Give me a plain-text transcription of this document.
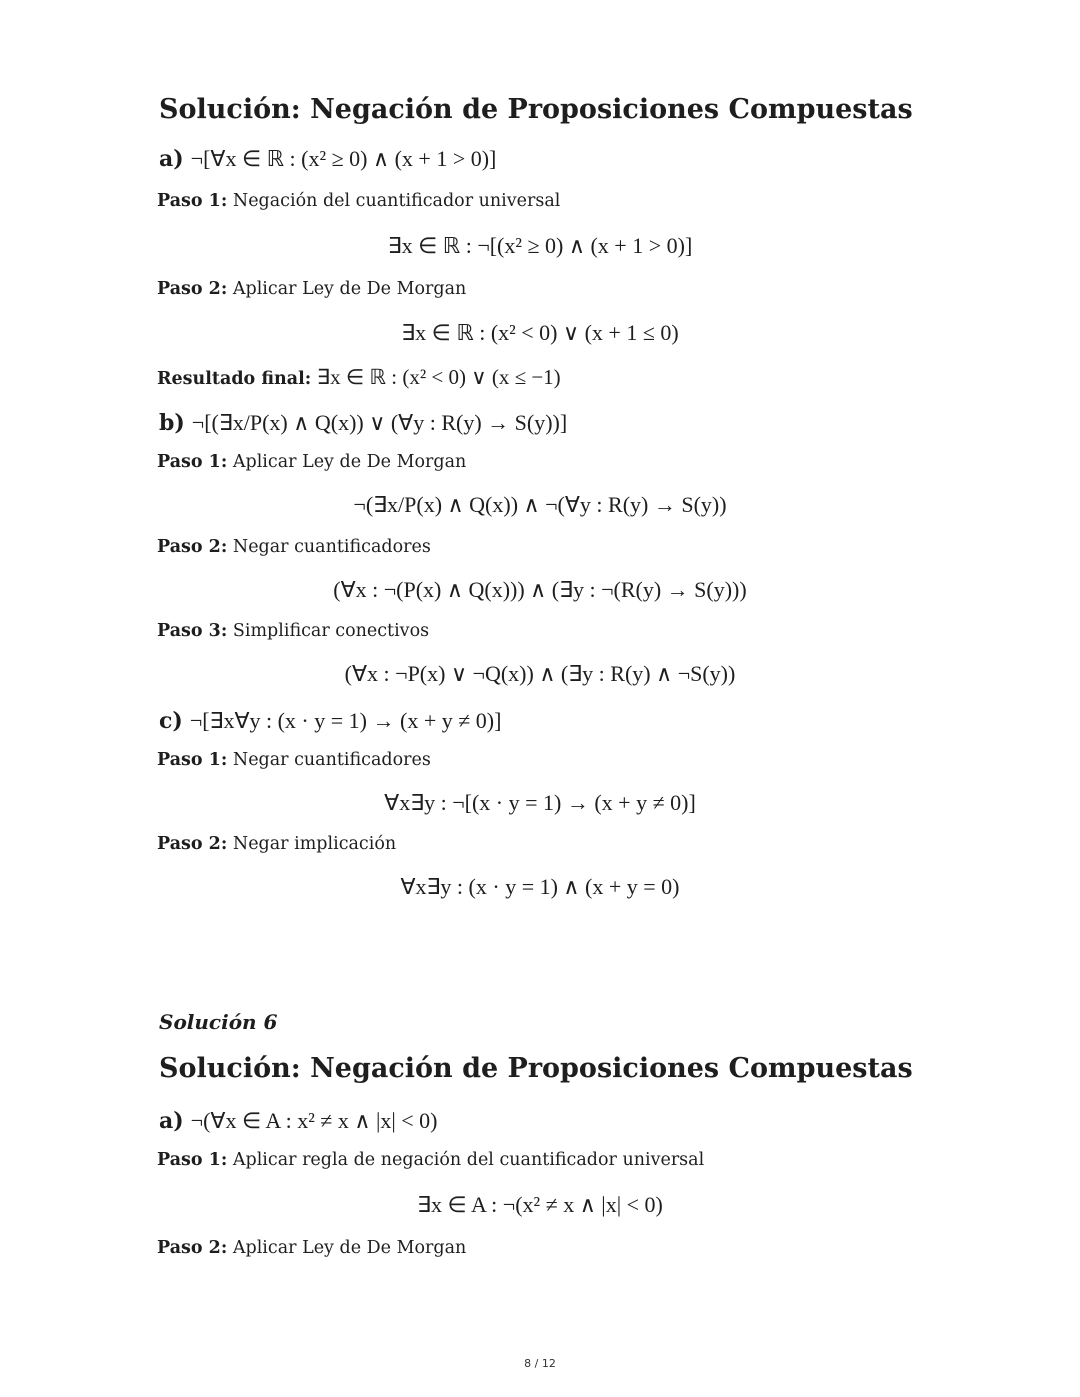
Solución: Negación de Proposiciones Compuestas
a) ¬[∀x ∈ ℝ : (x² ≥ 0) ∧ (x + 1 > 0)]
Paso 1: Negación del cuantificador universal
∃x ∈ ℝ : ¬[(x² ≥ 0) ∧ (x + 1 > 0)]
Paso 2: Aplicar Ley de De Morgan
∃x ∈ ℝ : (x² < 0) ∨ (x + 1 ≤ 0)
Resultado final: ∃x ∈ ℝ : (x² < 0) ∨ (x ≤ −1)
b) ¬[(∃x/P(x) ∧ Q(x)) ∨ (∀y : R(y) → S(y))]
Paso 1: Aplicar Ley de De Morgan
¬(∃x/P(x) ∧ Q(x)) ∧ ¬(∀y : R(y) → S(y))
Paso 2: Negar cuantificadores
(∀x : ¬(P(x) ∧ Q(x))) ∧ (∃y : ¬(R(y) → S(y)))
Paso 3: Simplificar conectivos
(∀x : ¬P(x) ∨ ¬Q(x)) ∧ (∃y : R(y) ∧ ¬S(y))
c) ¬[∃x∀y : (x · y = 1) → (x + y ≠ 0)]
Paso 1: Negar cuantificadores
∀x∃y : ¬[(x · y = 1) → (x + y ≠ 0)]
Paso 2: Negar implicación
∀x∃y : (x · y = 1) ∧ (x + y = 0)
Solución 6
Solución: Negación de Proposiciones Compuestas
a) ¬(∀x ∈ A : x² ≠ x ∧ |x| < 0)
Paso 1: Aplicar regla de negación del cuantificador universal
∃x ∈ A : ¬(x² ≠ x ∧ |x| < 0)
Paso 2: Aplicar Ley de De Morgan
8 / 12
